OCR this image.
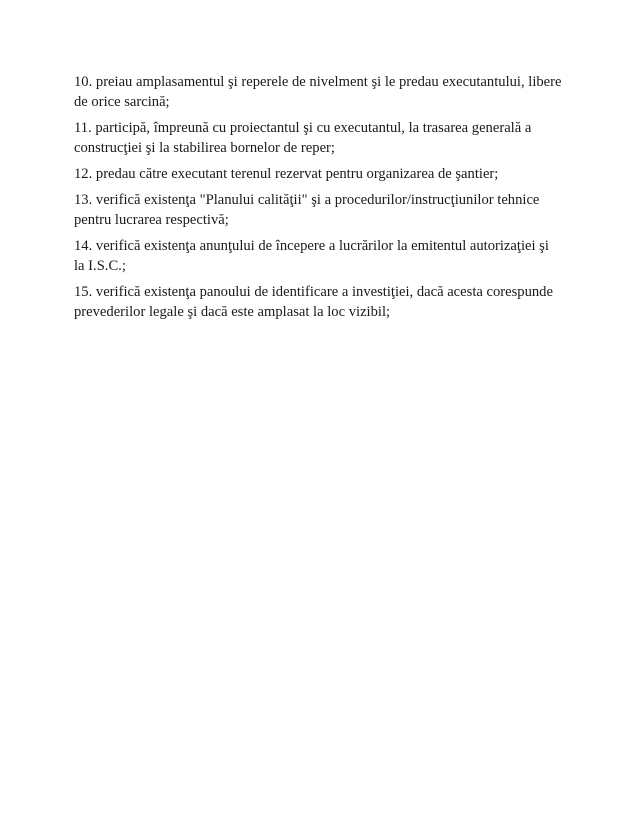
10. preiau amplasamentul şi reperele de nivelment şi le predau executantului, libere
de orice sarcină;

11. participă, împreună cu proiectantul şi cu executantul, la trasarea generală a
construcţiei şi la stabilirea bornelor de reper;

12. predau către executant terenul rezervat pentru organizarea de şantier;

13. verifică existenţa "Planului calităţii" şi a procedurilor/instrucţiunilor tehnice
pentru lucrarea respectivă;

14. verifică existenţa anunţului de începere a lucrărilor la emitentul autorizaţiei şi
la I.S.C.;

15. verifică existenţa panoului de identificare a investiţiei, dacă acesta corespunde
prevederilor legale şi dacă este amplasat la loc vizibil;
